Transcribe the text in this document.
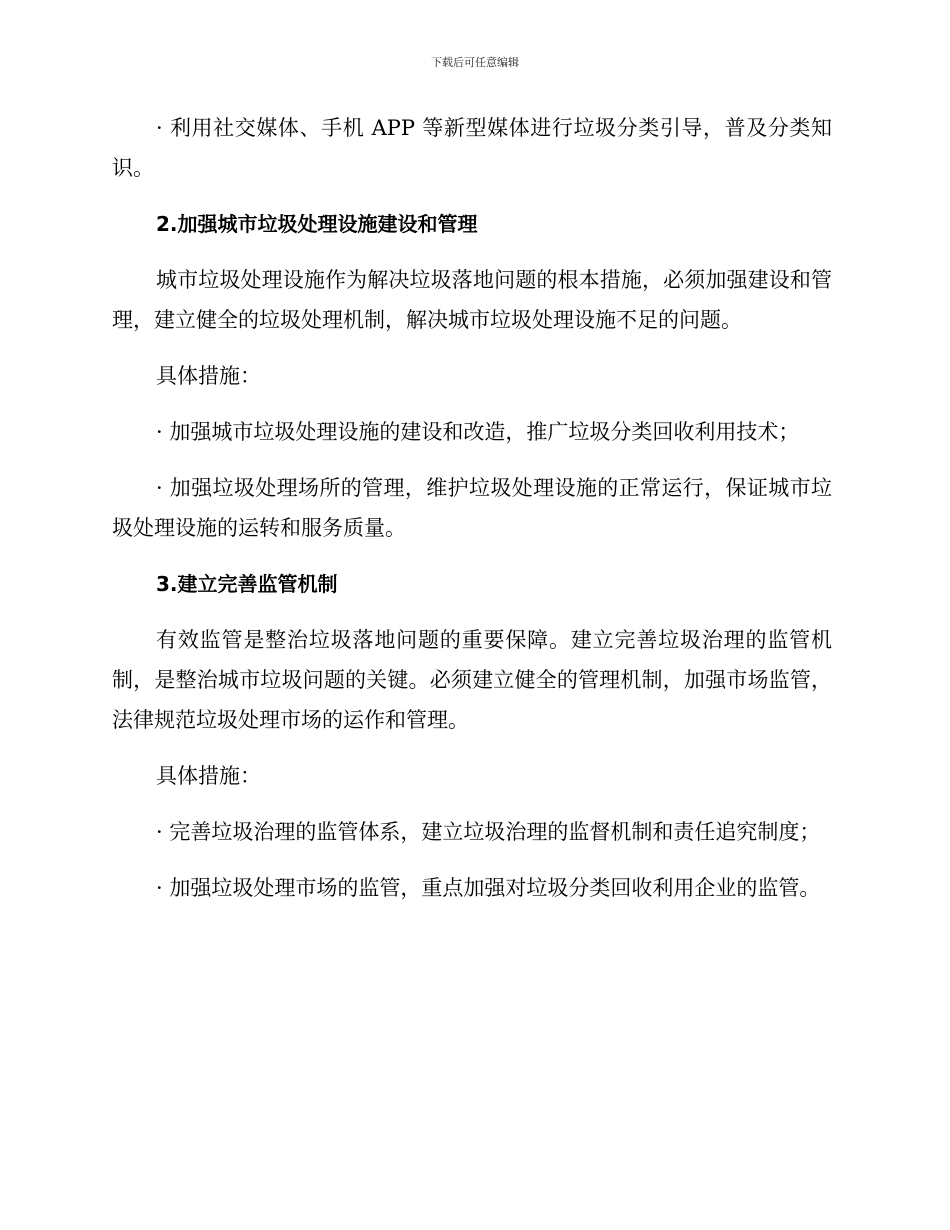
下载后可任意编辑

· 利用社交媒体、手机 APP 等新型媒体进行垃圾分类引导，普及分类知识。

2.加强城市垃圾处理设施建设和管理

城市垃圾处理设施作为解决垃圾落地问题的根本措施，必须加强建设和管理，建立健全的垃圾处理机制，解决城市垃圾处理设施不足的问题。

具体措施：

· 加强城市垃圾处理设施的建设和改造，推广垃圾分类回收利用技术；

· 加强垃圾处理场所的管理，维护垃圾处理设施的正常运行，保证城市垃圾处理设施的运转和服务质量。

3.建立完善监管机制

有效监管是整治垃圾落地问题的重要保障。建立完善垃圾治理的监管机制，是整治城市垃圾问题的关键。必须建立健全的管理机制，加强市场监管，法律规范垃圾处理市场的运作和管理。

具体措施：

· 完善垃圾治理的监管体系，建立垃圾治理的监督机制和责任追究制度；

· 加强垃圾处理市场的监管，重点加强对垃圾分类回收利用企业的监管。
